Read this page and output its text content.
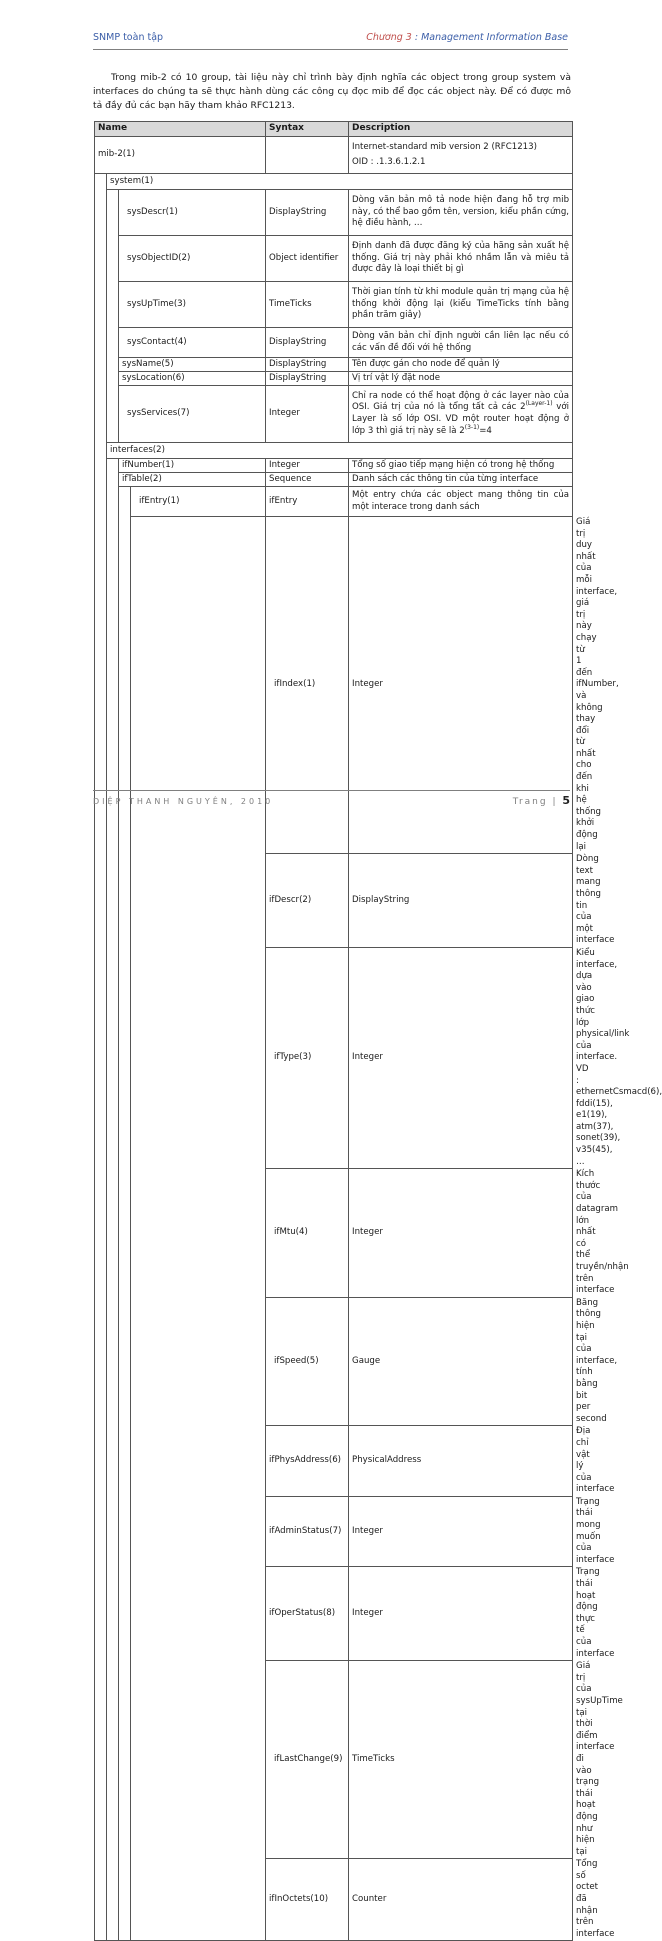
SNMP toàn tập	Chương 3 : Management Information Base
Trong mib-2 có 10 group, tài liệu này chỉ trình bày định nghĩa các object trong group system và interfaces do chúng ta sẽ thực hành dùng các công cụ đọc mib để đọc các object này. Để có được mô tả đầy đủ các bạn hãy tham khảo RFC1213.
Name				Syntax	Description	
mib-2(1)					Internet-standard mib version 2 (RFC1213)
OID : .1.3.6.1.2.1	

	system(1)					
		sysDescr(1)		DisplayString	Dòng văn bản mô tả node hiện đang hỗ trợ mib này, có thể bao gồm tên, version, kiểu phần cứng, hệ điều hành, …	
		sysObjectID(2)		Object identifier	Định danh đã được đăng ký của hãng sản xuất hệ thống. Giá trị này phải khó nhầm lẫn và miêu tả được đây là loại thiết bị gì	
		sysUpTime(3)		TimeTicks	Thời gian tính từ khi module quản trị mạng của hệ thống khởi động lại (kiểu TimeTicks tính bằng phần trăm giây)	
		sysContact(4)		DisplayString	Dòng văn bản chỉ định người cần liên lạc nếu có các vấn đề đối với hệ thống	
		sysName(5)		DisplayString	Tên được gán cho node để quản lý	
		sysLocation(6)		DisplayString	Vị trí vật lý đặt node	
		sysServices(7)		Integer	Chỉ ra node có thể hoạt động ở các layer nào của OSI. Giá trị của nó là tổng tất cả các $2^{(Layer-1)}$ với Layer là số lớp OSI. VD một router hoạt động ở lớp 3 thì giá trị này sẽ là $2^{(3-1)}=4$	
	interfaces(2)					
		ifNumber(1)		Integer	Tổng số giao tiếp mạng hiện có trong hệ thống	
		ifTable(2)		Sequence	Danh sách các thông tin của từng interface	
			ifEntry(1)	ifEntry	Một entry chứa các object mang thông tin của một interace trong danh sách	
				ifIndex(1)	Integer	Giá trị duy nhất của mỗi interface, giá trị này chạy từ 1 đến ifNumber, và không thay đổi từ nhất cho đến khi hệ thống khởi động lại
				ifDescr(2)	DisplayString	Dòng text mang thông tin của một interface
				ifType(3)	Integer	Kiểu interface, dựa vào giao thức lớp physical/link của interface. VD : ethernetCsmacd(6), fddi(15), e1(19), atm(37), sonet(39), v35(45), …
				ifMtu(4)	Integer	Kích thước của datagram lớn nhất có thể truyền/nhận trên interface
				ifSpeed(5)	Gauge	Băng thông hiện tại của interface, tính bằng bit per second
				ifPhysAddress(6)	PhysicalAddress	Địa chỉ vật lý của interface
				ifAdminStatus(7)	Integer	Trạng thái mong muốn của interface
				ifOperStatus(8)	Integer	Trạng thái hoạt động thực tế của interface
				ifLastChange(9)	TimeTicks	Giá trị của sysUpTime tại thời điểm interface đi vào trạng thái hoạt động như hiện tại
				ifInOctets(10)	Counter	Tổng số octet đã nhận trên interface
DIỆP THANH NGUYÊN, 2010	Trang | 5
